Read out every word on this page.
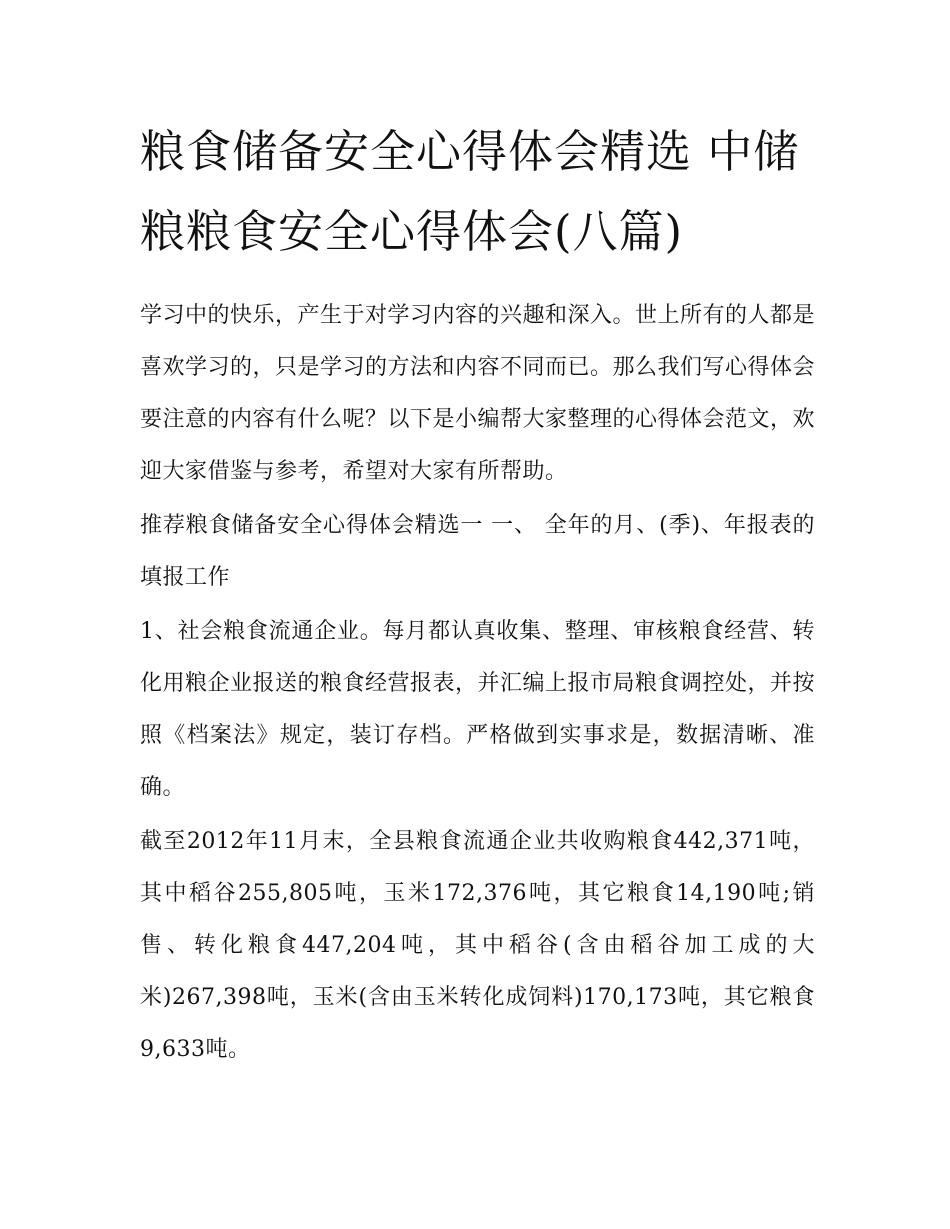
粮食储备安全心得体会精选 中储粮粮食安全心得体会(八篇)

学习中的快乐，产生于对学习内容的兴趣和深入。世上所有的人都是喜欢学习的，只是学习的方法和内容不同而已。那么我们写心得体会要注意的内容有什么呢？以下是小编帮大家整理的心得体会范文，欢迎大家借鉴与参考，希望对大家有所帮助。

推荐粮食储备安全心得体会精选一 一、 全年的月、(季)、年报表的填报工作

1、社会粮食流通企业。每月都认真收集、整理、审核粮食经营、转化用粮企业报送的粮食经营报表，并汇编上报市局粮食调控处，并按照《档案法》规定，装订存档。严格做到实事求是，数据清晰、准确。

截至2012年11月末，全县粮食流通企业共收购粮食442,371吨，其中稻谷255,805吨，玉米172,376吨，其它粮食14,190吨;销售、转化粮食447,204吨，其中稻谷(含由稻谷加工成的大米)267,398吨，玉米(含由玉米转化成饲料)170,173吨，其它粮食9,633吨。
